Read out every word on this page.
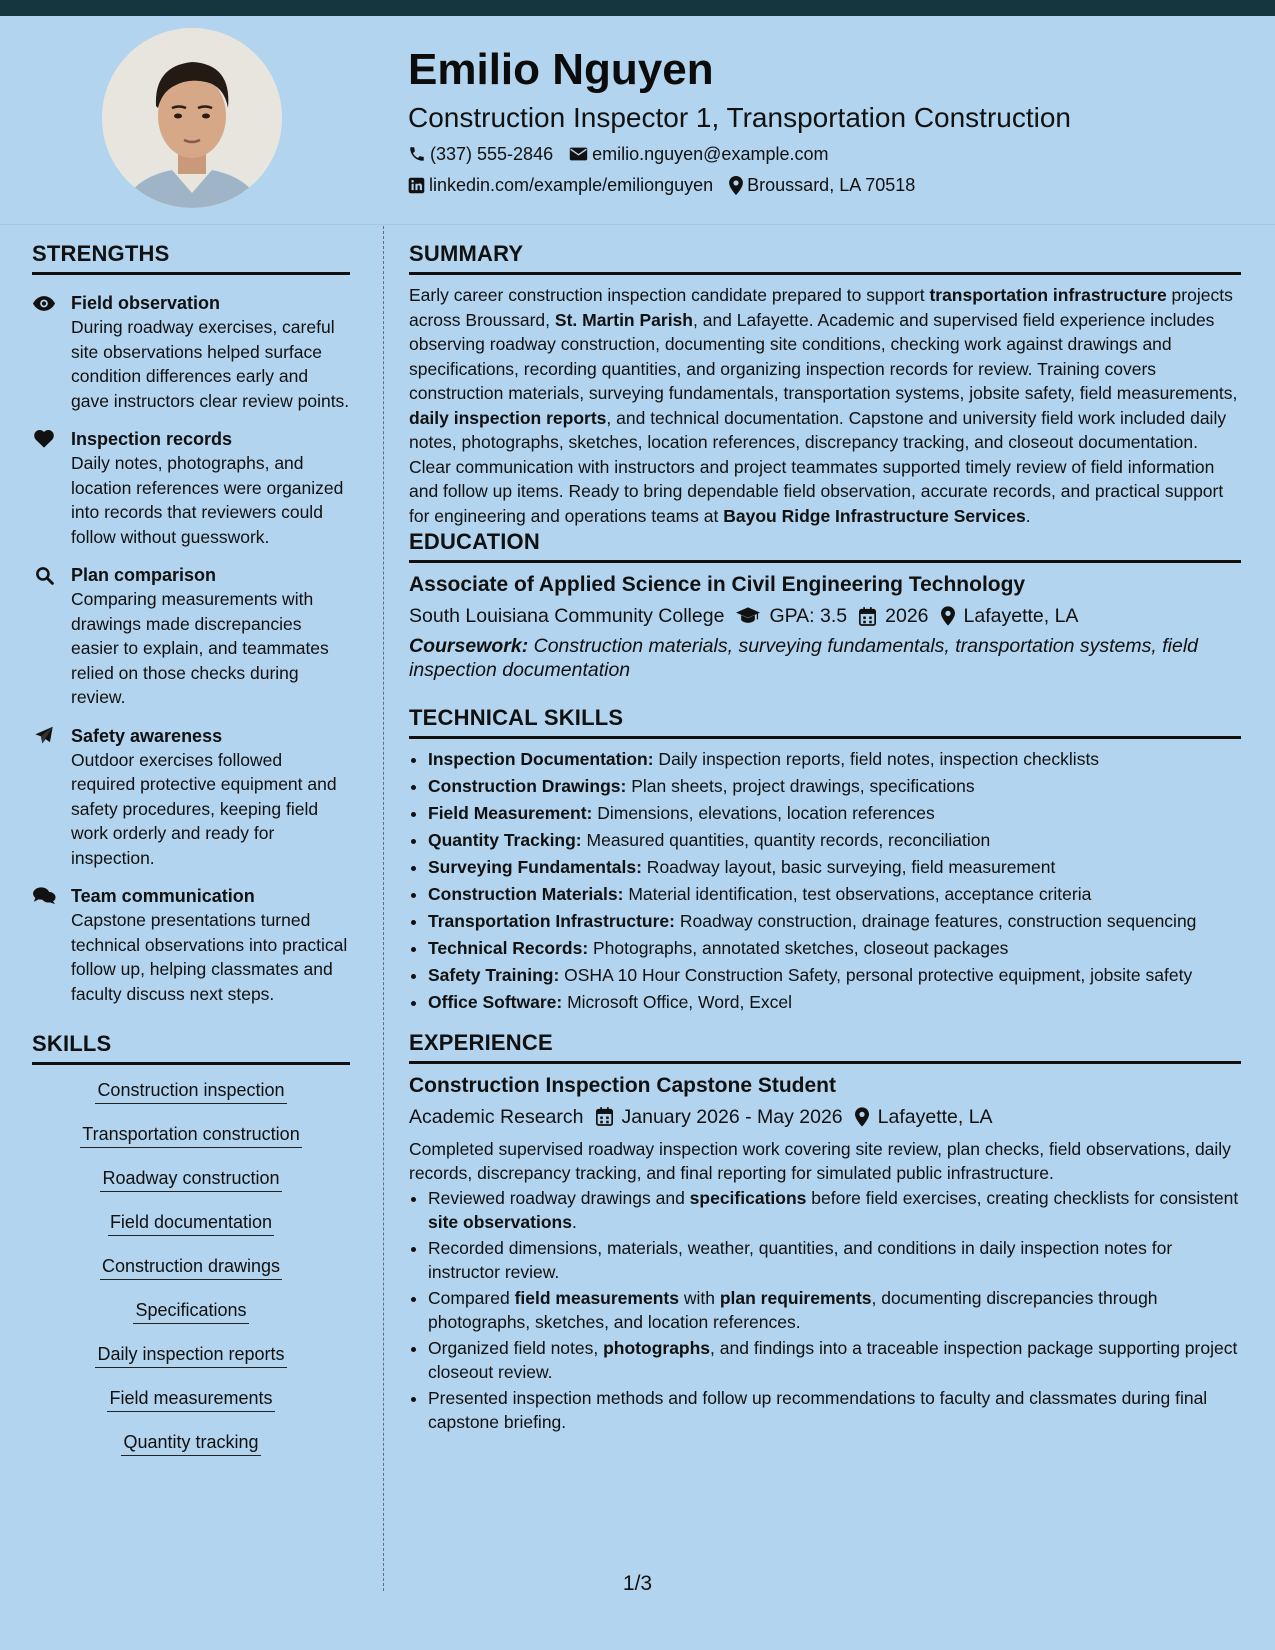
Emilio Nguyen
Construction Inspector 1, Transportation Construction
(337) 555-2846 emilio.nguyen@example.com
linkedin.com/example/emilionguyen Broussard, LA 70518
STRENGTHS
Field observation
During roadway exercises, careful site observations helped surface condition differences early and gave instructors clear review points.
Inspection records
Daily notes, photographs, and location references were organized into records that reviewers could follow without guesswork.
Plan comparison
Comparing measurements with drawings made discrepancies easier to explain, and teammates relied on those checks during review.
Safety awareness
Outdoor exercises followed required protective equipment and safety procedures, keeping field work orderly and ready for inspection.
Team communication
Capstone presentations turned technical observations into practical follow up, helping classmates and faculty discuss next steps.
SKILLS
Construction inspection
Transportation construction
Roadway construction
Field documentation
Construction drawings
Specifications
Daily inspection reports
Field measurements
Quantity tracking
SUMMARY
Early career construction inspection candidate prepared to support transportation infrastructure projects across Broussard, St. Martin Parish, and Lafayette. Academic and supervised field experience includes observing roadway construction, documenting site conditions, checking work against drawings and specifications, recording quantities, and organizing inspection records for review. Training covers construction materials, surveying fundamentals, transportation systems, jobsite safety, field measurements, daily inspection reports, and technical documentation. Capstone and university field work included daily notes, photographs, sketches, location references, discrepancy tracking, and closeout documentation. Clear communication with instructors and project teammates supported timely review of field information and follow up items. Ready to bring dependable field observation, accurate records, and practical support for engineering and operations teams at Bayou Ridge Infrastructure Services.
EDUCATION
Associate of Applied Science in Civil Engineering Technology
South Louisiana Community College GPA: 3.5 2026 Lafayette, LA
Coursework: Construction materials, surveying fundamentals, transportation systems, field inspection documentation
TECHNICAL SKILLS
• Inspection Documentation: Daily inspection reports, field notes, inspection checklists
• Construction Drawings: Plan sheets, project drawings, specifications
• Field Measurement: Dimensions, elevations, location references
• Quantity Tracking: Measured quantities, quantity records, reconciliation
• Surveying Fundamentals: Roadway layout, basic surveying, field measurement
• Construction Materials: Material identification, test observations, acceptance criteria
• Transportation Infrastructure: Roadway construction, drainage features, construction sequencing
• Technical Records: Photographs, annotated sketches, closeout packages
• Safety Training: OSHA 10 Hour Construction Safety, personal protective equipment, jobsite safety
• Office Software: Microsoft Office, Word, Excel
EXPERIENCE
Construction Inspection Capstone Student
Academic Research January 2026 - May 2026 Lafayette, LA
Completed supervised roadway inspection work covering site review, plan checks, field observations, daily records, discrepancy tracking, and final reporting for simulated public infrastructure.
• Reviewed roadway drawings and specifications before field exercises, creating checklists for consistent site observations.
• Recorded dimensions, materials, weather, quantities, and conditions in daily inspection notes for instructor review.
• Compared field measurements with plan requirements, documenting discrepancies through photographs, sketches, and location references.
• Organized field notes, photographs, and findings into a traceable inspection package supporting project closeout review.
• Presented inspection methods and follow up recommendations to faculty and classmates during final capstone briefing.
1/3
